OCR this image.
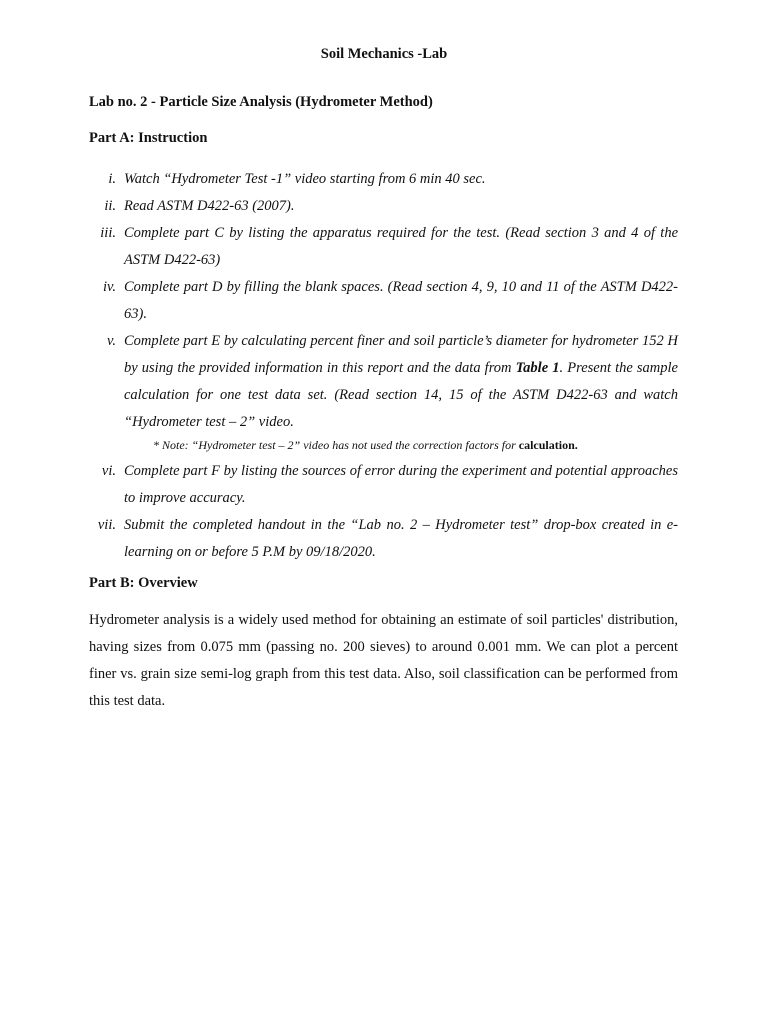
Soil Mechanics -Lab
Lab no. 2 - Particle Size Analysis (Hydrometer Method)
Part A: Instruction
i. Watch “Hydrometer Test -1” video starting from 6 min 40 sec.
ii. Read ASTM D422-63 (2007).
iii. Complete part C by listing the apparatus required for the test. (Read section 3 and 4 of the ASTM D422-63)
iv. Complete part D by filling the blank spaces. (Read section 4, 9, 10 and 11 of the ASTM D422-63).
v. Complete part E by calculating percent finer and soil particle’s diameter for hydrometer 152 H by using the provided information in this report and the data from Table 1. Present the sample calculation for one test data set. (Read section 14, 15 of the ASTM D422-63 and watch “Hydrometer test – 2” video.
* Note: “Hydrometer test – 2” video has not used the correction factors for calculation.
vi. Complete part F by listing the sources of error during the experiment and potential approaches to improve accuracy.
vii. Submit the completed handout in the “Lab no. 2 – Hydrometer test” drop-box created in e-learning on or before 5 P.M by 09/18/2020.
Part B: Overview

Hydrometer analysis is a widely used method for obtaining an estimate of soil particles' distribution, having sizes from 0.075 mm (passing no. 200 sieves) to around 0.001 mm. We can plot a percent finer vs. grain size semi-log graph from this test data. Also, soil classification can be performed from this test data.
